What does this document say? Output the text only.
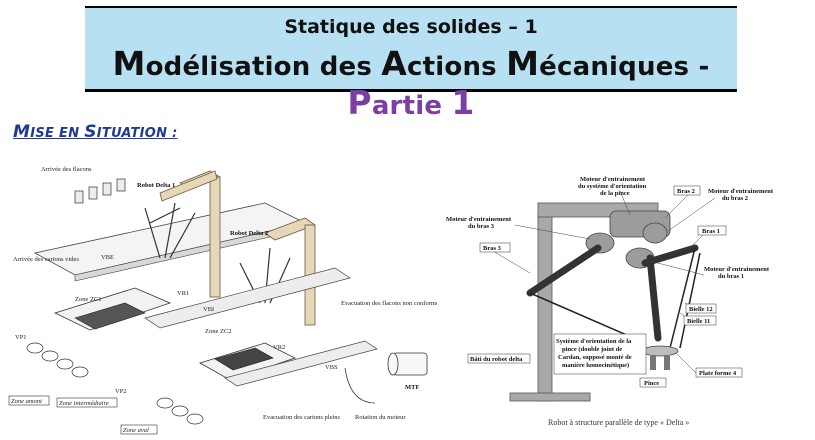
Statique des solides – 1
Modélisation des Actions Mécaniques - Partie 1
MISE EN SITUATION :
Arrivée des flacons
Robot Delta 1
Robot Delta 2
Arrivée des cartons vides	VBE
Zone ZC1
VR1
VBI
Zone ZC2
VR2
VBS
VP1
VP2
Evacuation des flacons non conformes
MTF
Zone amont	Zone intermédiaire
Zone aval
Evacuation des cartons pleins Rotation du moteur
Moteur d'entrainement
du système d'orientation
de la pince	Bras 2 Moteur d'entrainement
du bras 2
Moteur d'entrainement
du bras 3
Bras 1
Bras 3
Moteur d'entrainement
du bras 1
Bielle 12
Bielle 11
Système d'orientation de la
pince (double joint de
Cardan, supposé monté de
manière homocinétique)
Bâti du robot delta
Plate forme 4
Pince
Robot à structure parallèle de type « Delta »
